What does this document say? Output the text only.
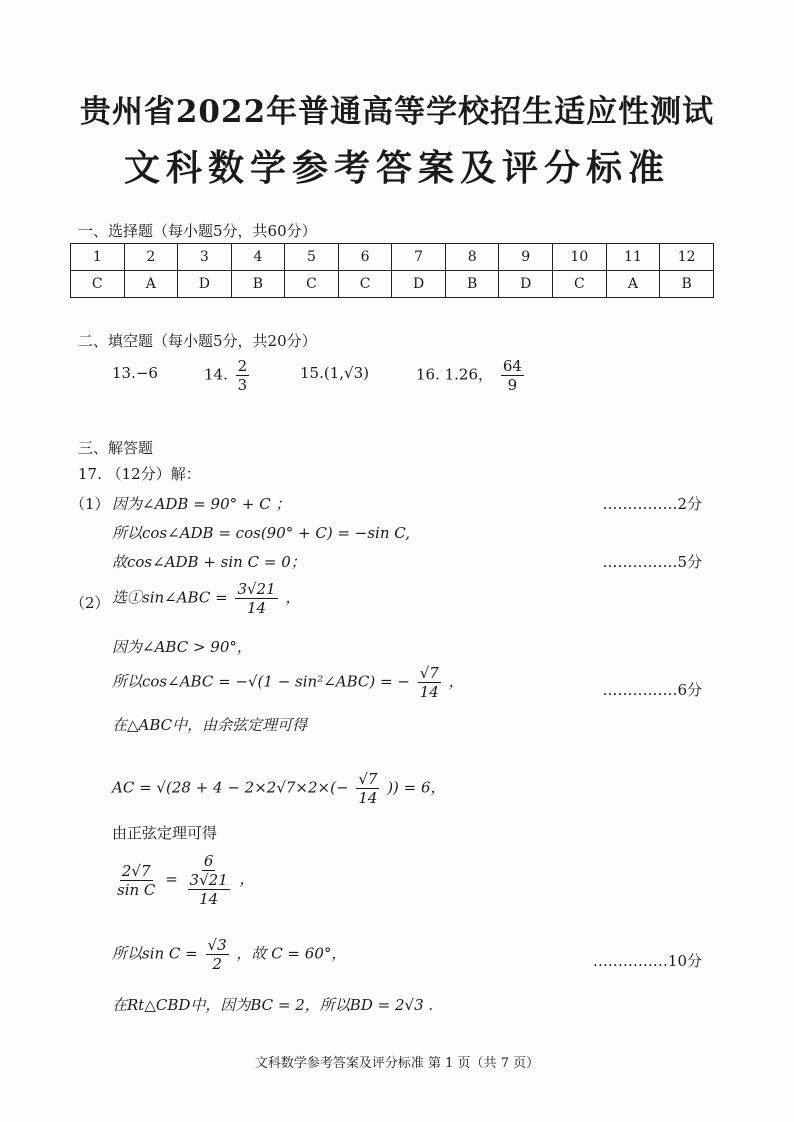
贵州省2022年普通高等学校招生适应性测试
文科数学参考答案及评分标准
一、选择题（每小题5分，共60分）
1	2	3	4	5	6	7	8	9	10	11	12
C	A	D	B	C	C	D	B	D	C	A	B
二、填空题（每小题5分，共20分）
13.−6	14. $\frac{2}{3}$	15.(1,√3)	16. 1.26， $\frac{64}{9}$
三、解答题
17. （12分）解：
（1） 因为∠ADB = 90° + C ；	……………2分
所以cos∠ADB = cos(90° + C) = −sin C,
故cos∠ADB + sin C = 0；	……………5分
（2） 选①sin∠ABC = $\frac{3√21}{14}$ ，
因为∠ABC > 90°，
所以cos∠ABC = −√(1 − sin²∠ABC) = − $\frac{√7}{14}$ ，	……………6分
在△ABC中，由余弦定理可得
AC = $√(28 + 4 - 2\times 2√7\times 2\times(- \frac{√7}{14}$ )) = 6，
由正弦定理可得
$\frac{2√7}{\text{sin C}} = \frac{6}{\frac{3√21}{14}}$ ，
所以$\sin C = \frac{√3}{2}$ ，故 C = 60°，	……………10分
在Rt△CBD中，因为BC = 2，所以BD = 2√3 .
文科数学参考答案及评分标准 第 1 页（共 7 页）
